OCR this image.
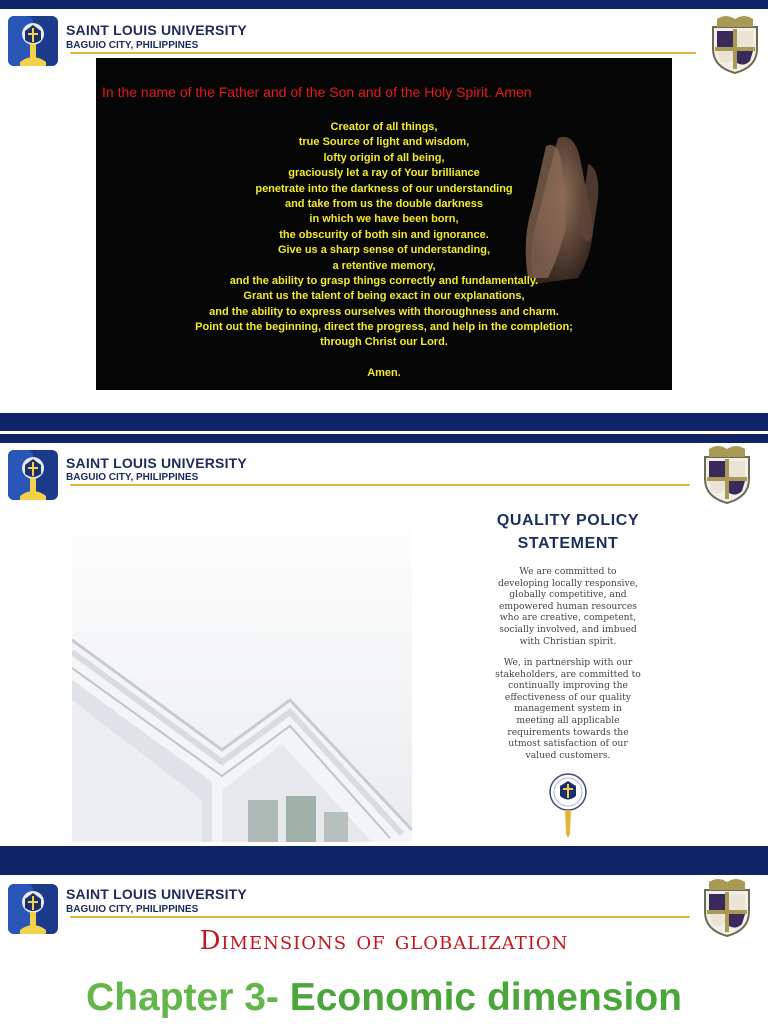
SAINT LOUIS UNIVERSITY
BAGUIO CITY, PHILIPPINES
In the name of the Father and of the Son and of the Holy Spirit. Amen
Creator of all things,
true Source of light and wisdom,
lofty origin of all being,
graciously let a ray of Your brilliance
penetrate into the darkness of our understanding
and take from us the double darkness
in which we have been born,
the obscurity of both sin and ignorance.
Give us a sharp sense of understanding,
a retentive memory,
and the ability to grasp things correctly and fundamentally.
Grant us the talent of being exact in our explanations,
and the ability to express ourselves with thoroughness and charm.
Point out the beginning, direct the progress, and help in the completion;
through Christ our Lord.
Amen.
SAINT LOUIS UNIVERSITY
BAGUIO CITY, PHILIPPINES
QUALITY POLICY
STATEMENT
We are committed to
developing locally responsive,
globally competitive, and
empowered human resources
who are creative, competent,
socially involved, and imbued
with Christian spirit.
We, in partnership with our
stakeholders, are committed to
continually improving the
effectiveness of our quality
management system in
meeting all applicable
requirements towards the
utmost satisfaction of our
valued customers.
SAINT LOUIS UNIVERSITY
BAGUIO CITY, PHILIPPINES
Dimensions of globalization
Chapter 3- Economic dimension
